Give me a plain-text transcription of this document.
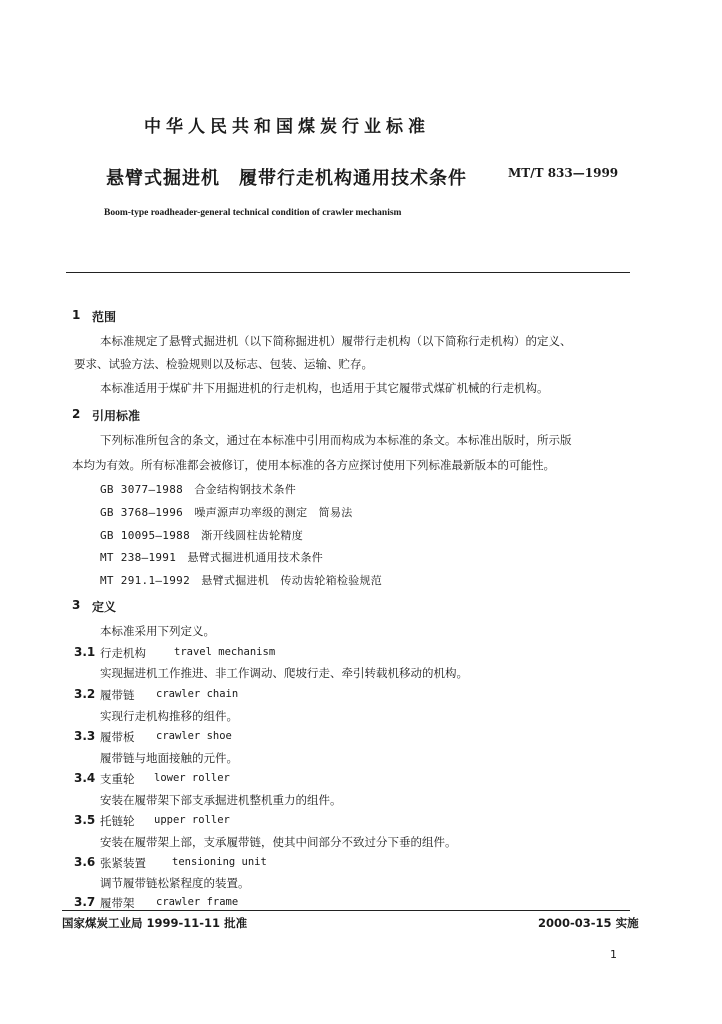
中华人民共和国煤炭行业标准
悬臂式掘进机　履带行走机构通用技术条件	MT/T 833—1999
Boom-type roadheader-general technical condition of crawler mechanism
1 范围
本标准规定了悬臂式掘进机（以下简称掘进机）履带行走机构（以下简称行走机构）的定义、
要求、试验方法、检验规则以及标志、包装、运输、贮存。
本标准适用于煤矿井下用掘进机的行走机构，也适用于其它履带式煤矿机械的行走机构。
2 引用标准
下列标准所包含的条文，通过在本标准中引用而构成为本标准的条文。本标准出版时，所示版
本均为有效。所有标准都会被修订，使用本标准的各方应探讨使用下列标准最新版本的可能性。
GB 3077—1988　合金结构钢技术条件
GB 3768—1996　噪声源声功率级的测定　简易法
GB 10095—1988　渐开线圆柱齿轮精度
MT 238—1991　悬臂式掘进机通用技术条件
MT 291.1—1992　悬臂式掘进机　传动齿轮箱检验规范
3 定义
本标准采用下列定义。
3.1 行走机构	travel mechanism
实现掘进机工作推进、非工作调动、爬坡行走、牵引转载机移动的机构。
3.2 履带链 crawler chain
实现行走机构推移的组件。
3.3 履带板 crawler shoe
履带链与地面接触的元件。
3.4 支重轮 lower roller
安装在履带架下部支承掘进机整机重力的组件。
3.5 托链轮 upper roller
安装在履带架上部，支承履带链，使其中间部分不致过分下垂的组件。
3.6 张紧装置 tensioning unit
调节履带链松紧程度的装置。
3.7 履带架 crawler frame
国家煤炭工业局 1999-11-11 批准	2000-03-15 实施
1
